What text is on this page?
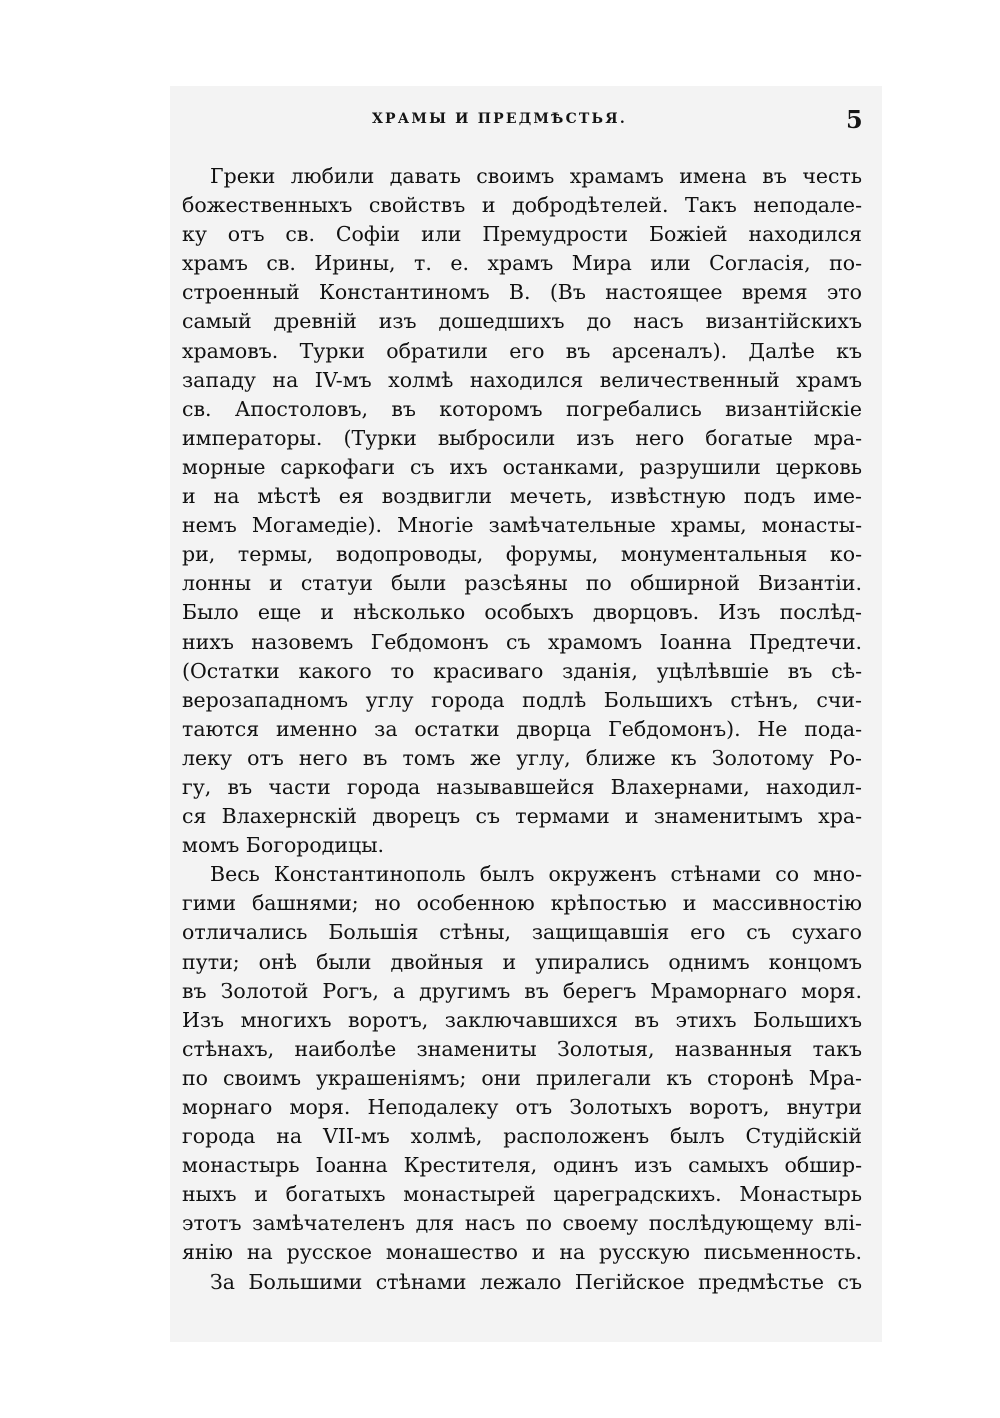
ХРАМЫ И ПРЕДМѢСТЬЯ.	5
Греки любили давать своимъ храмамъ имена въ честь
божественныхъ свойствъ и добродѣтелей. Такъ неподале-
ку отъ св. Софіи или Премудрости Божіей находился
храмъ св. Ирины, т. е. храмъ Мира или Согласія, по-
строенный Константиномъ В. (Въ настоящее время это
самый древній изъ дошедшихъ до насъ византійскихъ
храмовъ. Турки обратили его въ арсеналъ). Далѣе къ
западу на IV-мъ холмѣ находился величественный храмъ
св. Апостоловъ, въ которомъ погребались византійскіе
императоры. (Турки выбросили изъ него богатые мра-
морные саркофаги съ ихъ останками, разрушили церковь
и на мѣстѣ ея воздвигли мечеть, извѣстную подъ име-
немъ Могамедіе). Многіе замѣчательные храмы, монасты-
ри, термы, водопроводы, форумы, монументальныя ко-
лонны и статуи были разсѣяны по обширной Византіи.
Было еще и нѣсколько особыхъ дворцовъ. Изъ послѣд-
нихъ назовемъ Гебдомонъ съ храмомъ Іоанна Предтечи.
(Остатки какого то красиваго зданія, уцѣлѣвшіе въ сѣ-
верозападномъ углу города подлѣ Большихъ стѣнъ, счи-
таются именно за остатки дворца Гебдомонъ). Не пода-
леку отъ него въ томъ же углу, ближе къ Золотому Ро-
гу, въ части города называвшейся Влахернами, находил-
ся Влахернскій дворецъ съ термами и знаменитымъ хра-
момъ Богородицы.
Весь Константинополь былъ окруженъ стѣнами со мно-
гими башнями; но особенною крѣпостью и массивностію
отличались Большія стѣны, защищавшія его съ сухаго
пути; онѣ были двойныя и упирались однимъ концомъ
въ Золотой Рогъ, а другимъ въ берегъ Мраморнаго моря.
Изъ многихъ воротъ, заключавшихся въ этихъ Большихъ
стѣнахъ, наиболѣе знамениты Золотыя, названныя такъ
по своимъ украшеніямъ; они прилегали къ сторонѣ Мра-
морнаго моря. Неподалеку отъ Золотыхъ воротъ, внутри
города на VII-мъ холмѣ, расположенъ былъ Студійскій
монастырь Іоанна Крестителя, одинъ изъ самыхъ обшир-
ныхъ и богатыхъ монастырей цареградскихъ. Монастырь
этотъ замѣчателенъ для насъ по своему послѣдующему влі-
янію на русское монашество и на русскую письменность.
За Большими стѣнами лежало Пегійское предмѣстье съ
